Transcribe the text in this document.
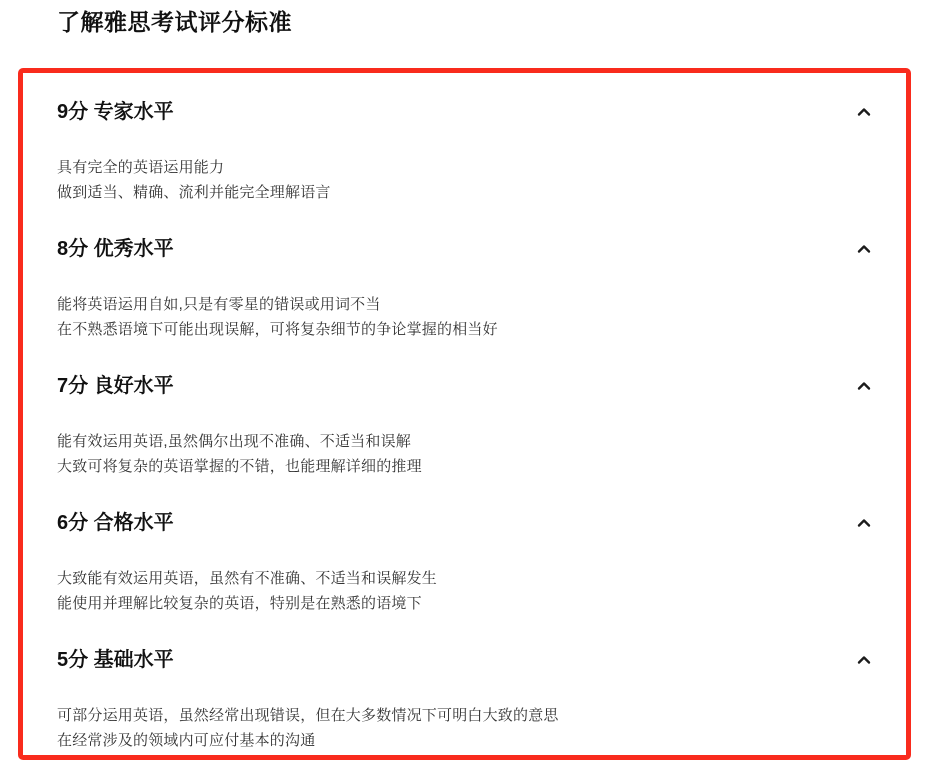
了解雅思考试评分标准
9分 专家水平

具有完全的英语运用能力

做到适当、精确、流利并能完全理解语言

8分 优秀水平

能将英语运用自如,只是有零星的错误或用词不当

在不熟悉语境下可能出现误解，可将复杂细节的争论掌握的相当好

7分 良好水平

能有效运用英语,虽然偶尔出现不准确、不适当和误解

大致可将复杂的英语掌握的不错，也能理解详细的推理

6分 合格水平

大致能有效运用英语，虽然有不准确、不适当和误解发生

能使用并理解比较复杂的英语，特别是在熟悉的语境下

5分 基础水平

可部分运用英语，虽然经常出现错误，但在大多数情况下可明白大致的意思

在经常涉及的领域内可应付基本的沟通
